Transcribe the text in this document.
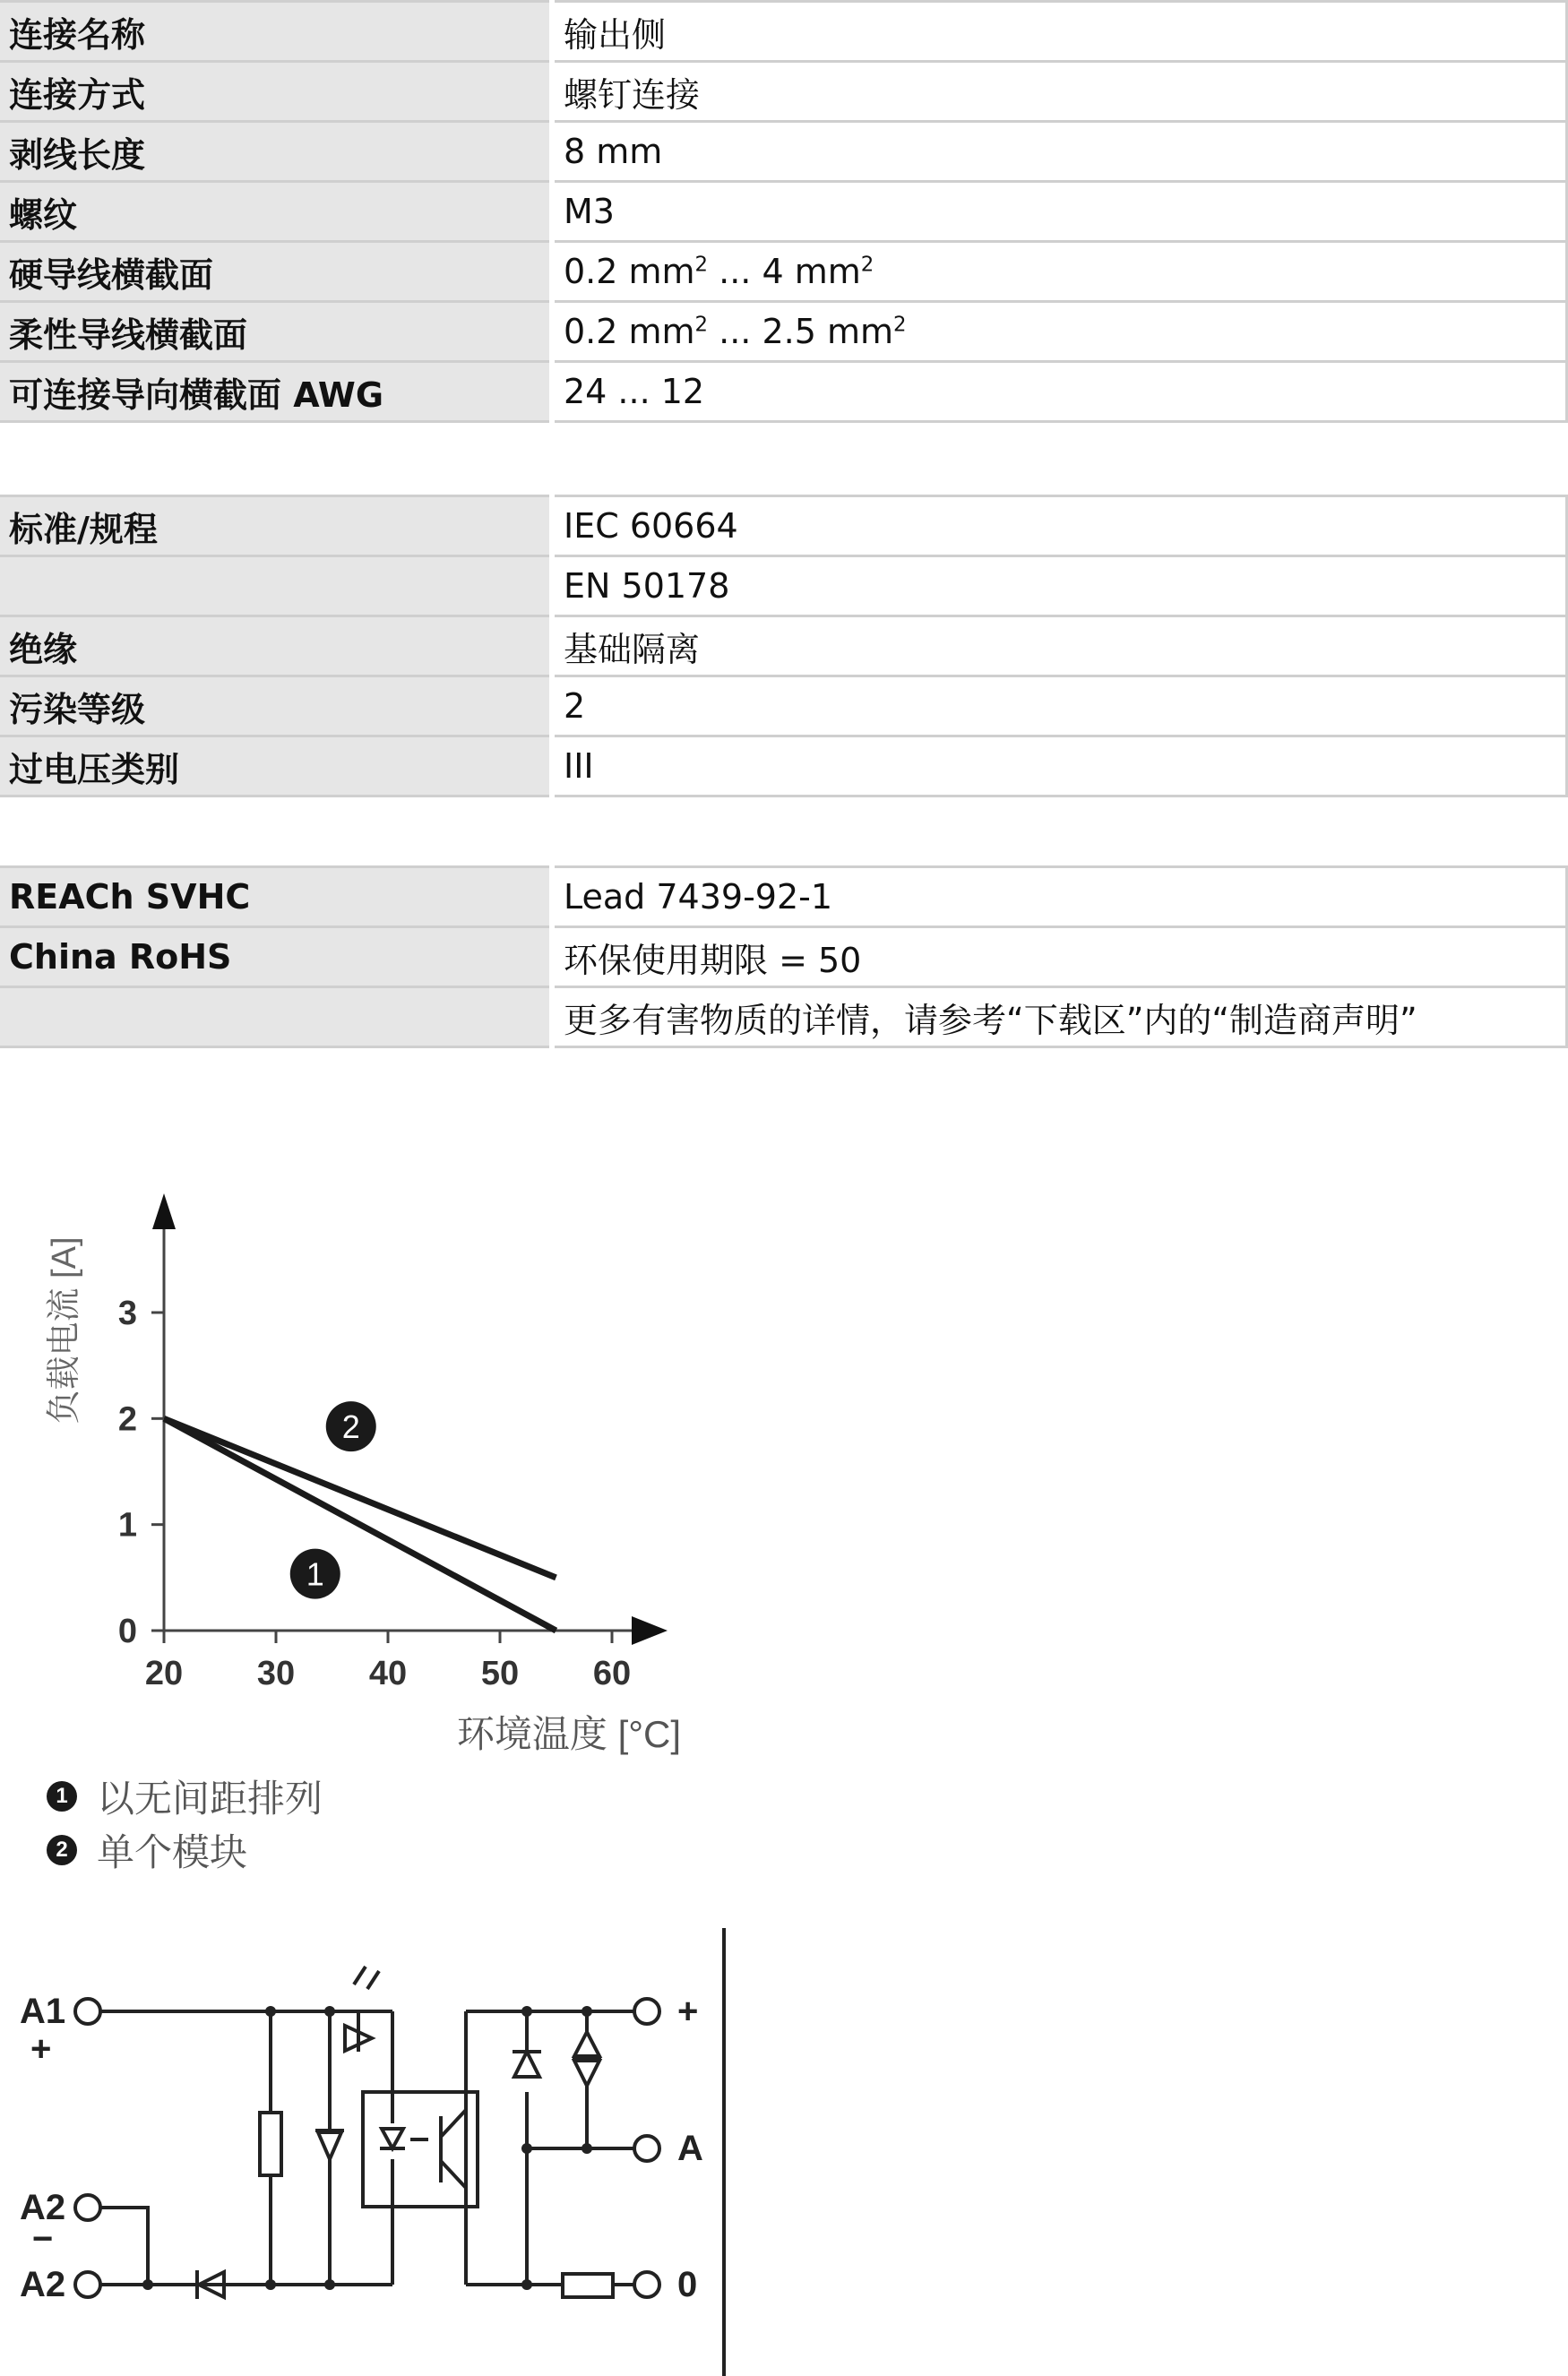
连接名称	输出侧
连接方式	螺钉连接
剥线长度	8 mm
螺纹	M3
硬导线横截面	0.2 $mm^2$ ... 4 $mm^2$
柔性导线横截面	0.2 $mm^2$ ... 2.5 $mm^2$
可连接导向横截面 AWG	24 ... 12
标准/规程	IEC 60664
	EN 50178
绝缘	基础隔离
污染等级	2
过电压类别	III
REACh SVHC	Lead 7439-92-1
China RoHS	环保使用期限 = 50
	更多有害物质的详情，请参考“下载区”内的“制造商声明”
20 30 40 50 60
0
1
2
3
1
2
负载电流 [A]
环境温度 [°C]
1 以无间距排列
2 单个模块
A1
+
A2
−
A2
+
A
0
